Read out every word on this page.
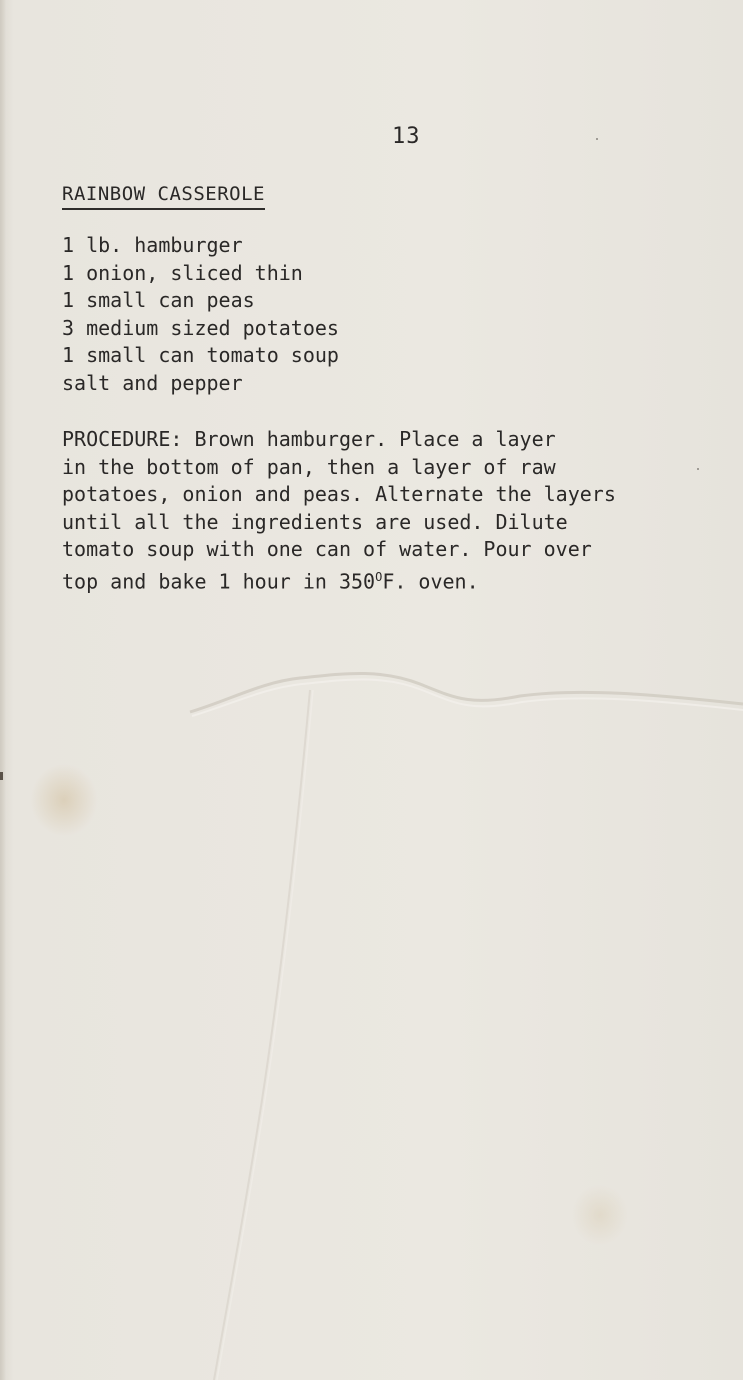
13
RAINBOW CASSEROLE
1 lb. hamburger
1 onion, sliced thin
1 small can peas
3 medium sized potatoes
1 small can tomato soup
salt and pepper
PROCEDURE: Brown hamburger. Place a layer
in the bottom of pan, then a layer of raw
potatoes, onion and peas. Alternate the layers
until all the ingredients are used. Dilute
tomato soup with one can of water. Pour over
top and bake 1 hour in $350^OF$. oven.
